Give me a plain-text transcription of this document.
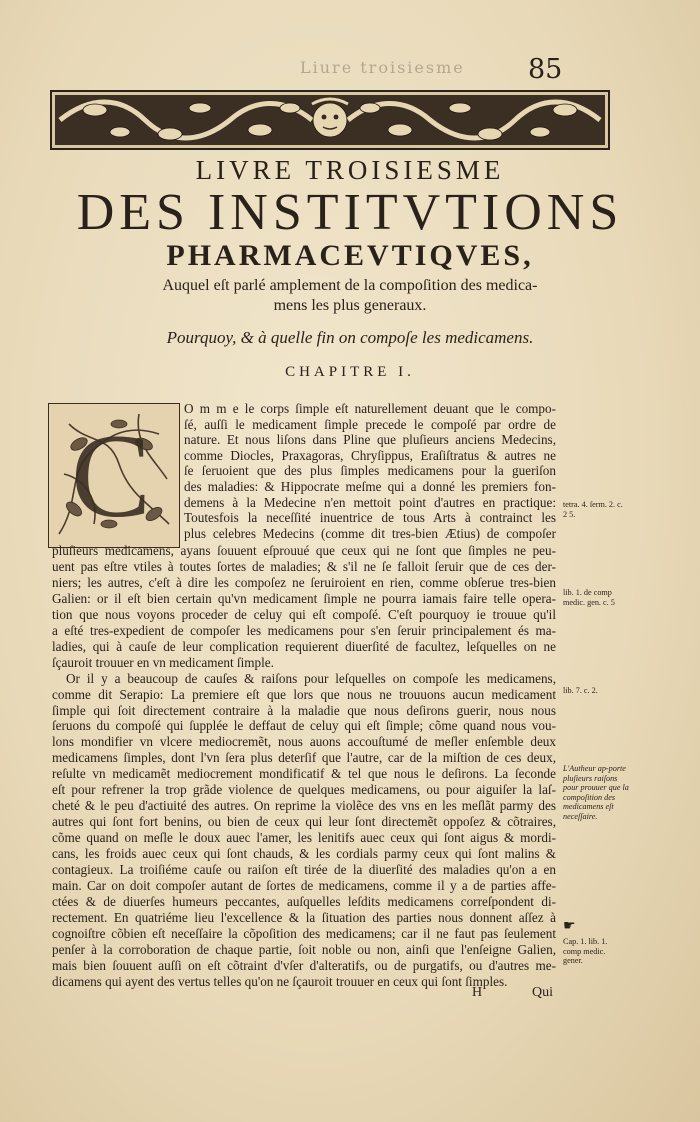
Liure troisiesme 85
LIVRE TROISIESME
DES INSTITVTIONS
PHARMACEVTIQVES,
Auquel eſt parlé amplement de la compoſition des medica-
mens les plus generaux.
Pourquoy, & à quelle fin on compoſe les medicamens.
CHAPITRE I.
C
O m m e le corps ſimple eſt naturellement deuant que le compo-
ſé, auſſi le medicament ſimple precede le compoſé par ordre de
nature. Et nous liſons dans Pline que pluſieurs anciens Medecins,
comme Diocles, Praxagoras, Chryſippus, Eraſiſtratus & autres ne
ſe ſeruoient que des plus ſimples medicamens pour la gueriſon
des maladies: & Hippocrate meſme qui a donné les premiers fon-
demens à la Medecine n'en mettoit point d'autres en practique:
Toutesfois la neceſſité inuentrice de tous Arts à contrainct les
plus celebres Medecins (comme dit tres-bien Ætius) de compoſer
pluſieurs medicamens, ayans ſouuent eſprouué que ceux qui ne ſont que ſimples ne peu-
uent pas eſtre vtiles à toutes ſortes de maladies; & s'il ne ſe falloit ſeruir que de ces der-
niers; les autres, c'eſt à dire les compoſez ne ſeruiroient en rien, comme obſerue tres-bien
Galien: or il eſt bien certain qu'vn medicament ſimple ne pourra iamais faire telle opera-
tion que nous voyons proceder de celuy qui eſt compoſé. C'eſt pourquoy ie trouue qu'il
a eſté tres-expedient de compoſer les medicamens pour s'en ſeruir principalement és ma-
ladies, qui à cauſe de leur complication requierent diuerſité de facultez, leſquelles on ne
ſçauroit trouuer en vn medicament ſimple.
Or il y a beaucoup de cauſes & raiſons pour leſquelles on compoſe les medicamens,
comme dit Serapio: La premiere eſt que lors que nous ne trouuons aucun medicament
ſimple qui ſoit directement contraire à la maladie que nous deſirons guerir, nous nous
ſeruons du compoſé qui ſupplée le deffaut de celuy qui eſt ſimple; cõme quand nous vou-
lons mondifier vn vlcere mediocremẽt, nous auons accouſtumé de meſler enſemble deux
medicamens ſimples, dont l'vn ſera plus deterſif que l'autre, car de la miſtion de ces deux,
reſulte vn medicamẽt mediocrement mondificatif & tel que nous le deſirons. La ſeconde
eſt pour refrener la trop grãde violence de quelques medicamens, ou pour aiguiſer la laſ-
cheté & le peu d'actiuité des autres. On reprime la violẽce des vns en les meſlãt parmy des
autres qui ſont fort benins, ou bien de ceux qui leur ſont directemẽt oppoſez & cõtraires,
cõme quand on meſle le doux auec l'amer, les lenitifs auec ceux qui ſont aigus & mordi-
cans, les froids auec ceux qui ſont chauds, & les cordials parmy ceux qui ſont malins &
contagieux. La troiſiéme cauſe ou raiſon eſt tirée de la diuerſité des maladies qu'on a en
main. Car on doit compoſer autant de ſortes de medicamens, comme il y a de parties affe-
ctées & de diuerſes humeurs peccantes, auſquelles leſdits medicamens correſpondent di-
rectement. En quatriéme lieu l'excellence & la ſituation des parties nous donnent aſſez à
cognoiſtre cõbien eſt neceſſaire la cõpoſition des medicamens; car il ne faut pas ſeulement
penſer à la corroboration de chaque partie, ſoit noble ou non, ainſi que l'enſeigne Galien,
mais bien ſouuent auſſi on eſt cõtraint d'vſer d'alteratifs, ou de purgatifs, ou d'autres me-
dicamens qui ayent des vertus telles qu'on ne ſçauroit trouuer en ceux qui ſont ſimples.
tetra. 4. ſerm. 2. c. 2 5.
lib. 1. de comp medic. gen. c. 5
lib. 7. c. 2.
L'Autheur ap-porte pluſieurs raiſons pour prouuer que la compoſition des medicamens eſt neceſſaire.
☛
Cap. 1. lib. 1. comp medic. gener.
H	Qui
